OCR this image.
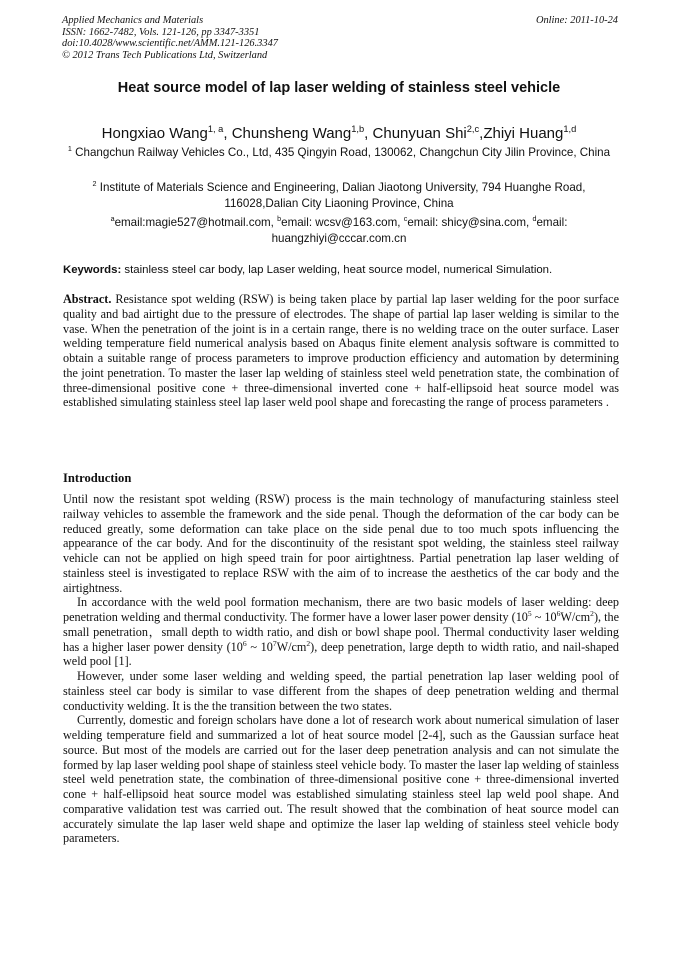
Applied Mechanics and Materials
ISSN: 1662-7482, Vols. 121-126, pp 3347-3351
doi:10.4028/www.scientific.net/AMM.121-126.3347
© 2012 Trans Tech Publications Ltd, Switzerland
Online: 2011-10-24
Heat source model of lap laser welding of stainless steel vehicle
Hongxiao Wang$^{1, a}$, Chunsheng Wang$^{1,b}$, Chunyuan Shi$^{2,c}$,Zhiyi Huang$^{1,d}$
$^1$ Changchun Railway Vehicles Co., Ltd, 435 Qingyin Road, 130062, Changchun City Jilin Province, China
$^2$ Institute of Materials Science and Engineering, Dalian Jiaotong University, 794 Huanghe Road, 116028,Dalian City Liaoning Province, China
$^a$email:magie527@hotmail.com, $^b$email: wcsv@163.com, $^c$email: shicy@sina.com, $^d$email: huangzhiyi@cccar.com.cn
Keywords: stainless steel car body, lap Laser welding, heat source model, numerical Simulation.
Abstract. Resistance spot welding (RSW) is being taken place by partial lap laser welding for the poor surface quality and bad airtight due to the pressure of electrodes. The shape of partial lap laser welding is similar to the vase. When the penetration of the joint is in a certain range, there is no welding trace on the outer surface. Laser welding temperature field numerical analysis based on Abaqus finite element analysis software is committed to obtain a suitable range of process parameters to improve production efficiency and automation by determining the joint penetration. To master the laser lap welding of stainless steel weld penetration state, the combination of three-dimensional positive cone + three-dimensional inverted cone + half-ellipsoid heat source model was established simulating stainless steel lap laser weld pool shape and forecasting the range of process parameters .
Introduction

Until now the resistant spot welding (RSW) process is the main technology of manufacturing stainless steel railway vehicles to assemble the framework and the side penal. Though the deformation of the car body can be reduced greatly, some deformation can take place on the side penal due to too much spots influencing the appearance of the car body. And for the discontinuity of the resistant spot welding, the stainless steel railway vehicle can not be applied on high speed train for poor airtightness. Partial penetration lap laser welding of stainless steel is investigated to replace RSW with the aim of to increase the aesthetics of the car body and the airtightness.

In accordance with the weld pool formation mechanism, there are two basic models of laser welding: deep penetration welding and thermal conductivity. The former have a lower laser power density ($10^5$ ~ $10^6W/cm^2$), the small penetration，small depth to width ratio, and dish or bowl shape pool. Thermal conductivity laser welding has a higher laser power density ($10^6$ ~ $10^7W/cm^2$), deep penetration, large depth to width ratio, and nail-shaped weld pool [1].

However, under some laser welding and welding speed, the partial penetration lap laser welding pool of stainless steel car body is similar to vase different from the shapes of deep penetration welding and thermal conductivity welding. It is the the transition between the two states.

Currently, domestic and foreign scholars have done a lot of research work about numerical simulation of laser welding temperature field and summarized a lot of heat source model [2-4], such as the Gaussian surface heat source. But most of the models are carried out for the laser deep penetration analysis and can not simulate the formed by lap laser welding pool shape of stainless steel vehicle body. To master the laser lap welding of stainless steel weld penetration state, the combination of three-dimensional positive cone + three-dimensional inverted cone + half-ellipsoid heat source model was established simulating stainless steel lap weld pool shape. And comparative validation test was carried out. The result showed that the combination of heat source model can accurately simulate the lap laser weld shape and optimize the laser lap welding of stainless steel vehicle body parameters.
